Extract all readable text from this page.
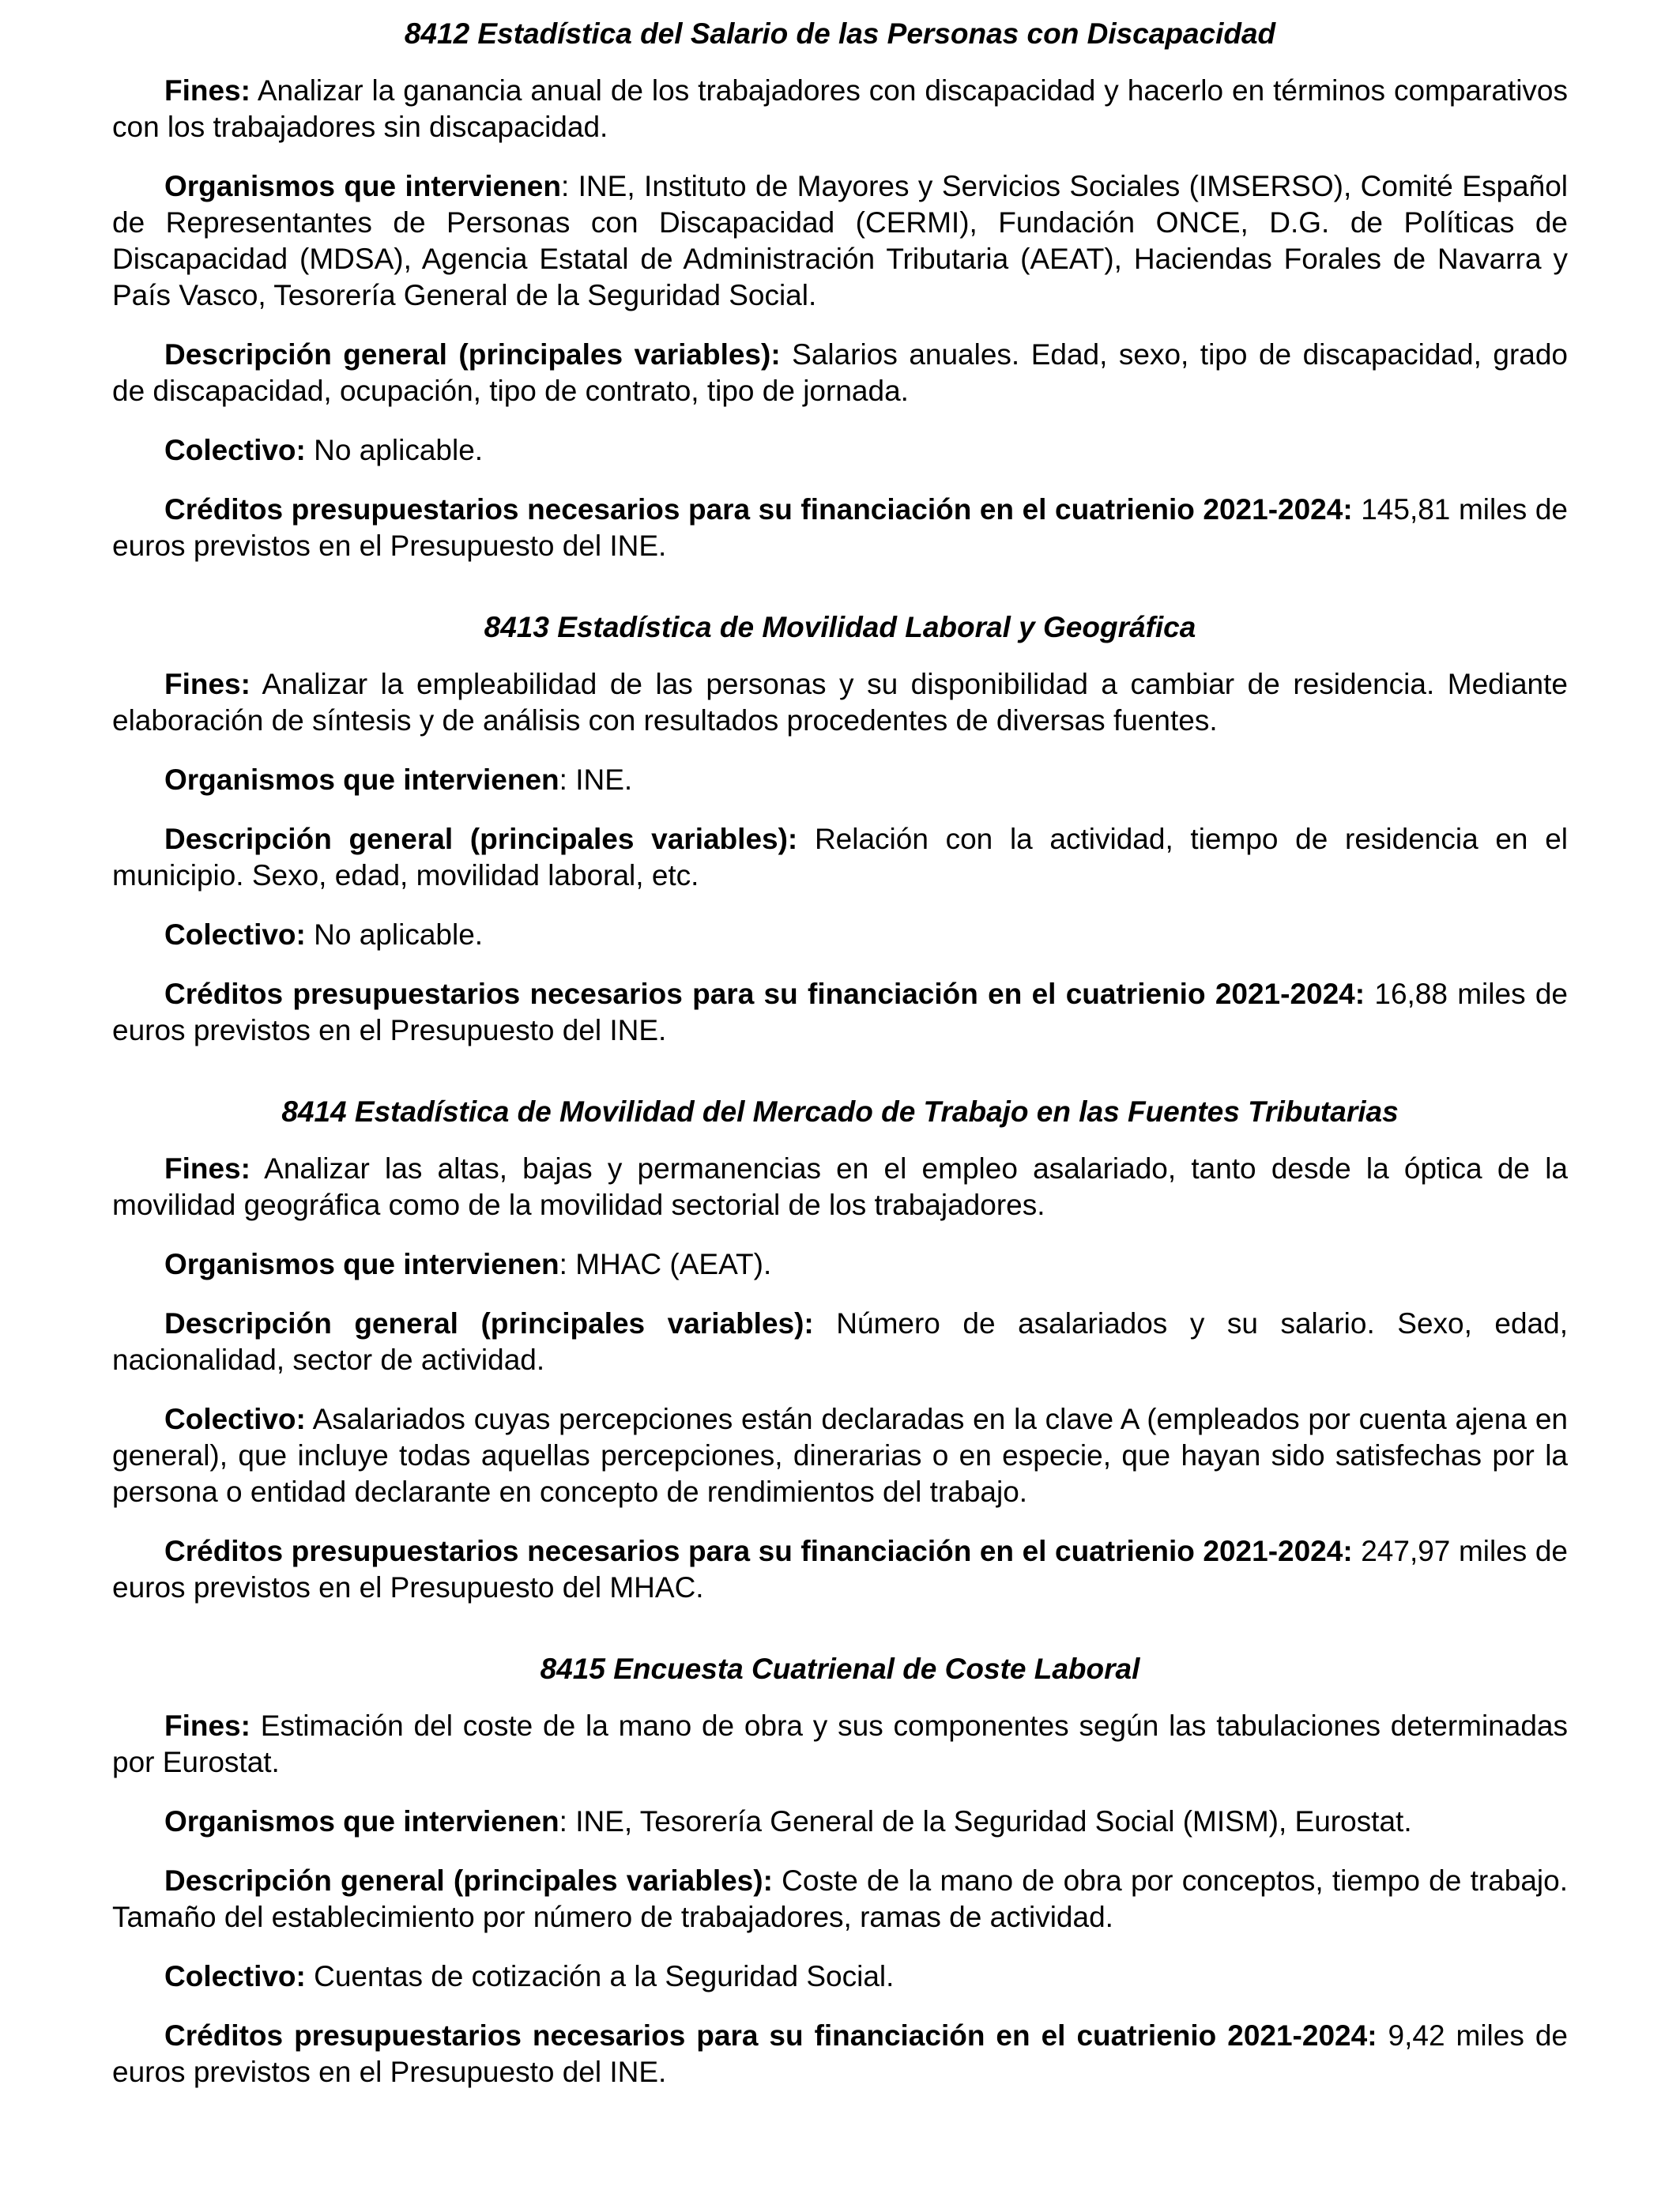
8412 Estadística del Salario de las Personas con Discapacidad

Fines: Analizar la ganancia anual de los trabajadores con discapacidad y hacerlo en términos comparativos con los trabajadores sin discapacidad.

Organismos que intervienen: INE, Instituto de Mayores y Servicios Sociales (IMSERSO), Comité Español de Representantes de Personas con Discapacidad (CERMI), Fundación ONCE, D.G. de Políticas de Discapacidad (MDSA), Agencia Estatal de Administración Tributaria (AEAT), Haciendas Forales de Navarra y País Vasco, Tesorería General de la Seguridad Social.

Descripción general (principales variables): Salarios anuales. Edad, sexo, tipo de discapacidad, grado de discapacidad, ocupación, tipo de contrato, tipo de jornada.

Colectivo: No aplicable.

Créditos presupuestarios necesarios para su financiación en el cuatrienio 2021-2024: 145,81 miles de euros previstos en el Presupuesto del INE.

8413 Estadística de Movilidad Laboral y Geográfica

Fines: Analizar la empleabilidad de las personas y su disponibilidad a cambiar de residencia. Mediante elaboración de síntesis y de análisis con resultados procedentes de diversas fuentes.

Organismos que intervienen: INE.

Descripción general (principales variables): Relación con la actividad, tiempo de residencia en el municipio. Sexo, edad, movilidad laboral, etc.

Colectivo: No aplicable.

Créditos presupuestarios necesarios para su financiación en el cuatrienio 2021-2024: 16,88 miles de euros previstos en el Presupuesto del INE.

8414 Estadística de Movilidad del Mercado de Trabajo en las Fuentes Tributarias

Fines: Analizar las altas, bajas y permanencias en el empleo asalariado, tanto desde la óptica de la movilidad geográfica como de la movilidad sectorial de los trabajadores.

Organismos que intervienen: MHAC (AEAT).

Descripción general (principales variables): Número de asalariados y su salario. Sexo, edad, nacionalidad, sector de actividad.

Colectivo: Asalariados cuyas percepciones están declaradas en la clave A (empleados por cuenta ajena en general), que incluye todas aquellas percepciones, dinerarias o en especie, que hayan sido satisfechas por la persona o entidad declarante en concepto de rendimientos del trabajo.

Créditos presupuestarios necesarios para su financiación en el cuatrienio 2021-2024: 247,97 miles de euros previstos en el Presupuesto del MHAC.

8415 Encuesta Cuatrienal de Coste Laboral

Fines: Estimación del coste de la mano de obra y sus componentes según las tabulaciones determinadas por Eurostat.

Organismos que intervienen: INE, Tesorería General de la Seguridad Social (MISM), Eurostat.

Descripción general (principales variables): Coste de la mano de obra por conceptos, tiempo de trabajo. Tamaño del establecimiento por número de trabajadores, ramas de actividad.

Colectivo: Cuentas de cotización a la Seguridad Social.

Créditos presupuestarios necesarios para su financiación en el cuatrienio 2021-2024: 9,42 miles de euros previstos en el Presupuesto del INE.
